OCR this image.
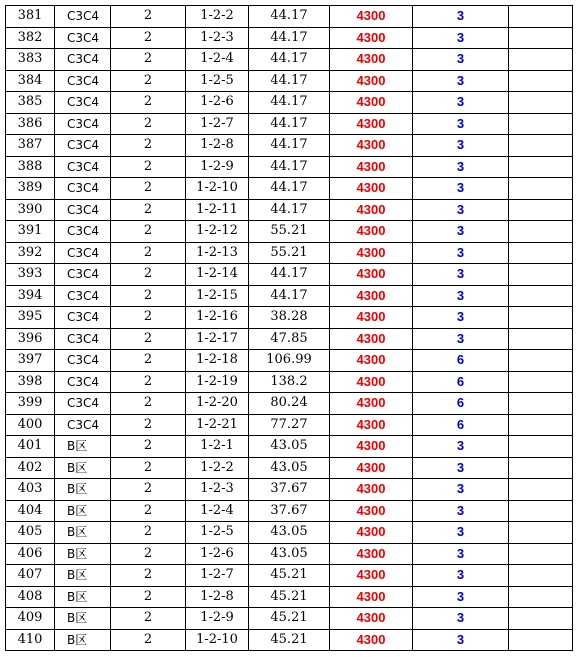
381	C3C4	2	1-2-2	44.17	4300	3	
382	C3C4	2	1-2-3	44.17	4300	3	
383	C3C4	2	1-2-4	44.17	4300	3	
384	C3C4	2	1-2-5	44.17	4300	3	
385	C3C4	2	1-2-6	44.17	4300	3	
386	C3C4	2	1-2-7	44.17	4300	3	
387	C3C4	2	1-2-8	44.17	4300	3	
388	C3C4	2	1-2-9	44.17	4300	3	
389	C3C4	2	1-2-10	44.17	4300	3	
390	C3C4	2	1-2-11	44.17	4300	3	
391	C3C4	2	1-2-12	55.21	4300	3	
392	C3C4	2	1-2-13	55.21	4300	3	
393	C3C4	2	1-2-14	44.17	4300	3	
394	C3C4	2	1-2-15	44.17	4300	3	
395	C3C4	2	1-2-16	38.28	4300	3	
396	C3C4	2	1-2-17	47.85	4300	3	
397	C3C4	2	1-2-18	106.99	4300	6	
398	C3C4	2	1-2-19	138.2	4300	6	
399	C3C4	2	1-2-20	80.24	4300	6	
400	C3C4	2	1-2-21	77.27	4300	6	
401	B区	2	1-2-1	43.05	4300	3	
402	B区	2	1-2-2	43.05	4300	3	
403	B区	2	1-2-3	37.67	4300	3	
404	B区	2	1-2-4	37.67	4300	3	
405	B区	2	1-2-5	43.05	4300	3	
406	B区	2	1-2-6	43.05	4300	3	
407	B区	2	1-2-7	45.21	4300	3	
408	B区	2	1-2-8	45.21	4300	3	
409	B区	2	1-2-9	45.21	4300	3	
410	B区	2	1-2-10	45.21	4300	3	
